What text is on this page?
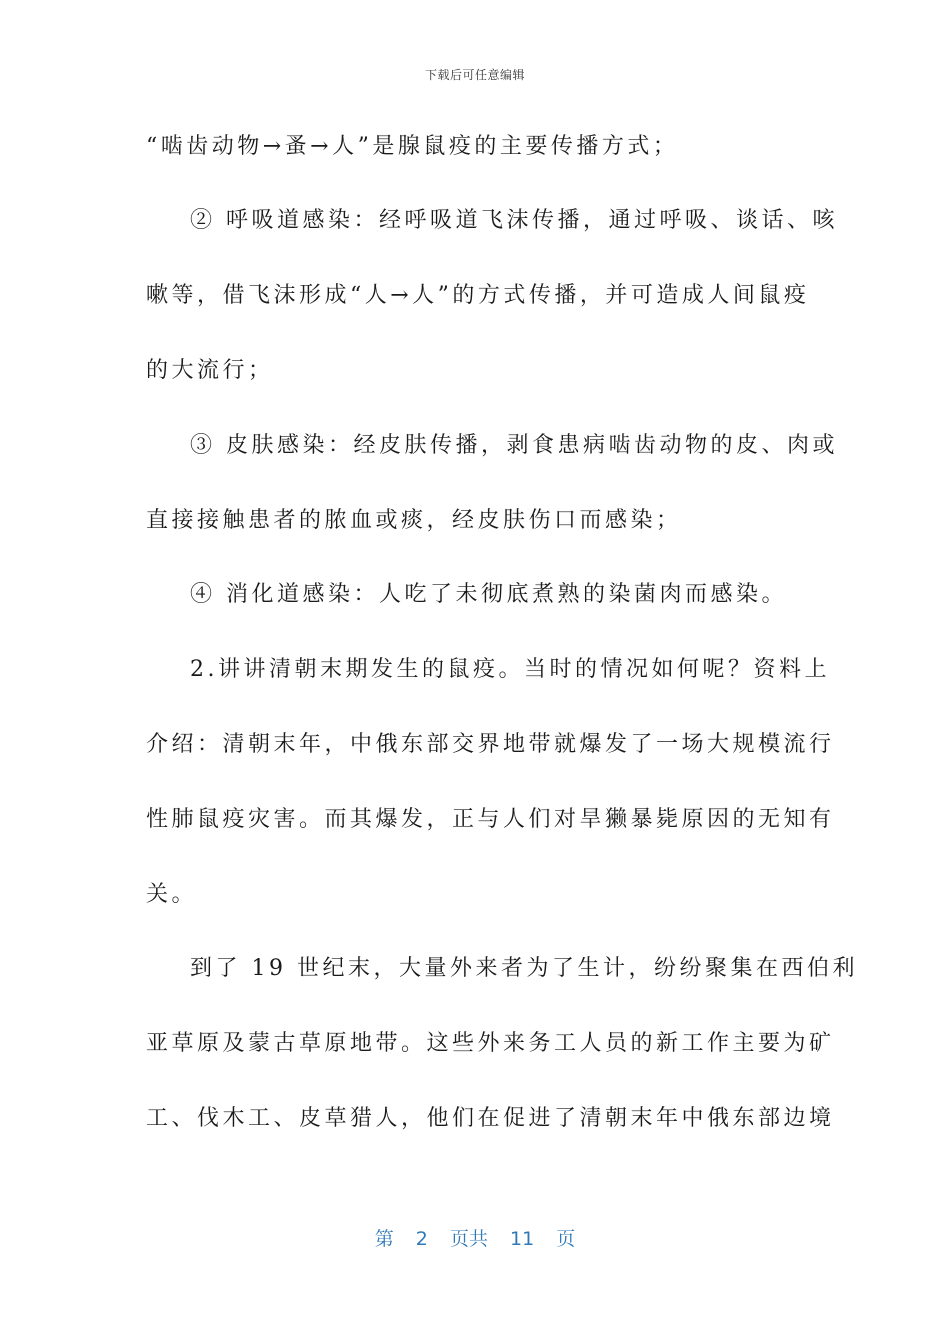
下载后可任意编辑
“啮齿动物→蚤→人”是腺鼠疫的主要传播方式；
② 呼吸道感染：经呼吸道飞沫传播，通过呼吸、谈话、咳
嗽等，借飞沫形成“人→人”的方式传播，并可造成人间鼠疫
的大流行；
③ 皮肤感染：经皮肤传播，剥食患病啮齿动物的皮、肉或
直接接触患者的脓血或痰，经皮肤伤口而感染；
④ 消化道感染：人吃了未彻底煮熟的染菌肉而感染。
2.讲讲清朝末期发生的鼠疫。当时的情况如何呢？资料上
介绍：清朝末年，中俄东部交界地带就爆发了一场大规模流行
性肺鼠疫灾害。而其爆发，正与人们对旱獭暴毙原因的无知有
关。
到了 19 世纪末，大量外来者为了生计，纷纷聚集在西伯利
亚草原及蒙古草原地带。这些外来务工人员的新工作主要为矿
工、伐木工、皮草猎人，他们在促进了清朝末年中俄东部边境
第 2 页共 11 页
